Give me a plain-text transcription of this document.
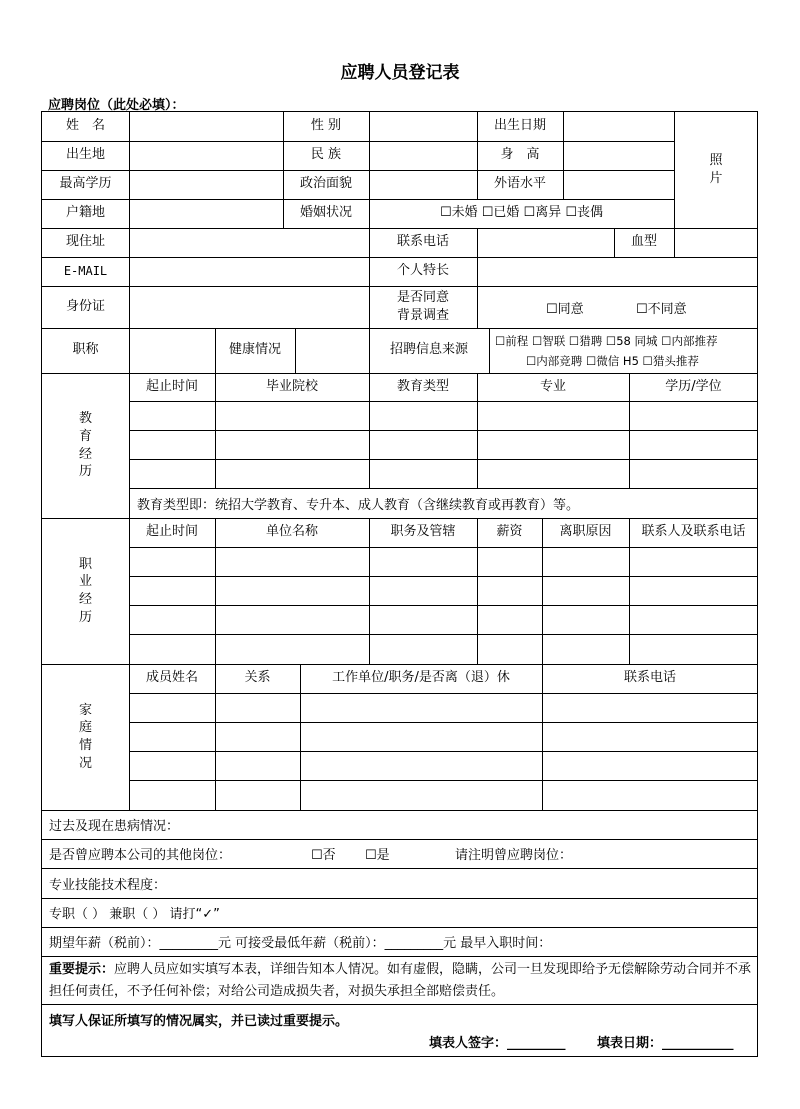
应聘人员登记表
应聘岗位（此处必填）：
姓　名	性 别	出生日期
照
片
出生地	民 族	身　高
最高学历	政治面貌	外语水平
户籍地	婚姻状况	☐未婚 ☐已婚 ☐离异 ☐丧偶
现住址	联系电话	血型
E-MAIL	个人特长
身份证
是否同意
背景调查	☐同意	☐不同意
职称	健康情况	招聘信息来源
☐前程 ☐智联 ☐猎聘 ☐58 同城 ☐内部推荐
☐内部竞聘 ☐微信 H5 ☐猎头推荐
教
育
经
历
起止时间	毕业院校	教育类型	专业	学历/学位
教育类型即：统招大学教育、专升本、成人教育（含继续教育或再教育）等。
职
业
经
历
起止时间	单位名称	职务及管辖	薪资	离职原因	联系人及联系电话
家
庭
情
况
成员姓名	关系	工作单位/职务/是否离（退）休	联系电话
过去及现在患病情况：
是否曾应聘本公司的其他岗位：	☐否 ☐是	请注明曾应聘岗位：
专业技能技术程度：
专职（ ） 兼职（ ） 请打“✓”
期望年薪（税前）：_________元 可接受最低年薪（税前）：_________元 最早入职时间：
重要提示：应聘人员应如实填写本表，详细告知本人情况。如有虚假，隐瞒，公司一旦发现即给予无偿解除劳动合同并不承担任何责任，不予任何补偿；对给公司造成损失者，对损失承担全部赔偿责任。
填写人保证所填写的情况属实，并已读过重要提示。
填表人签字：_________ 填表日期：___________
